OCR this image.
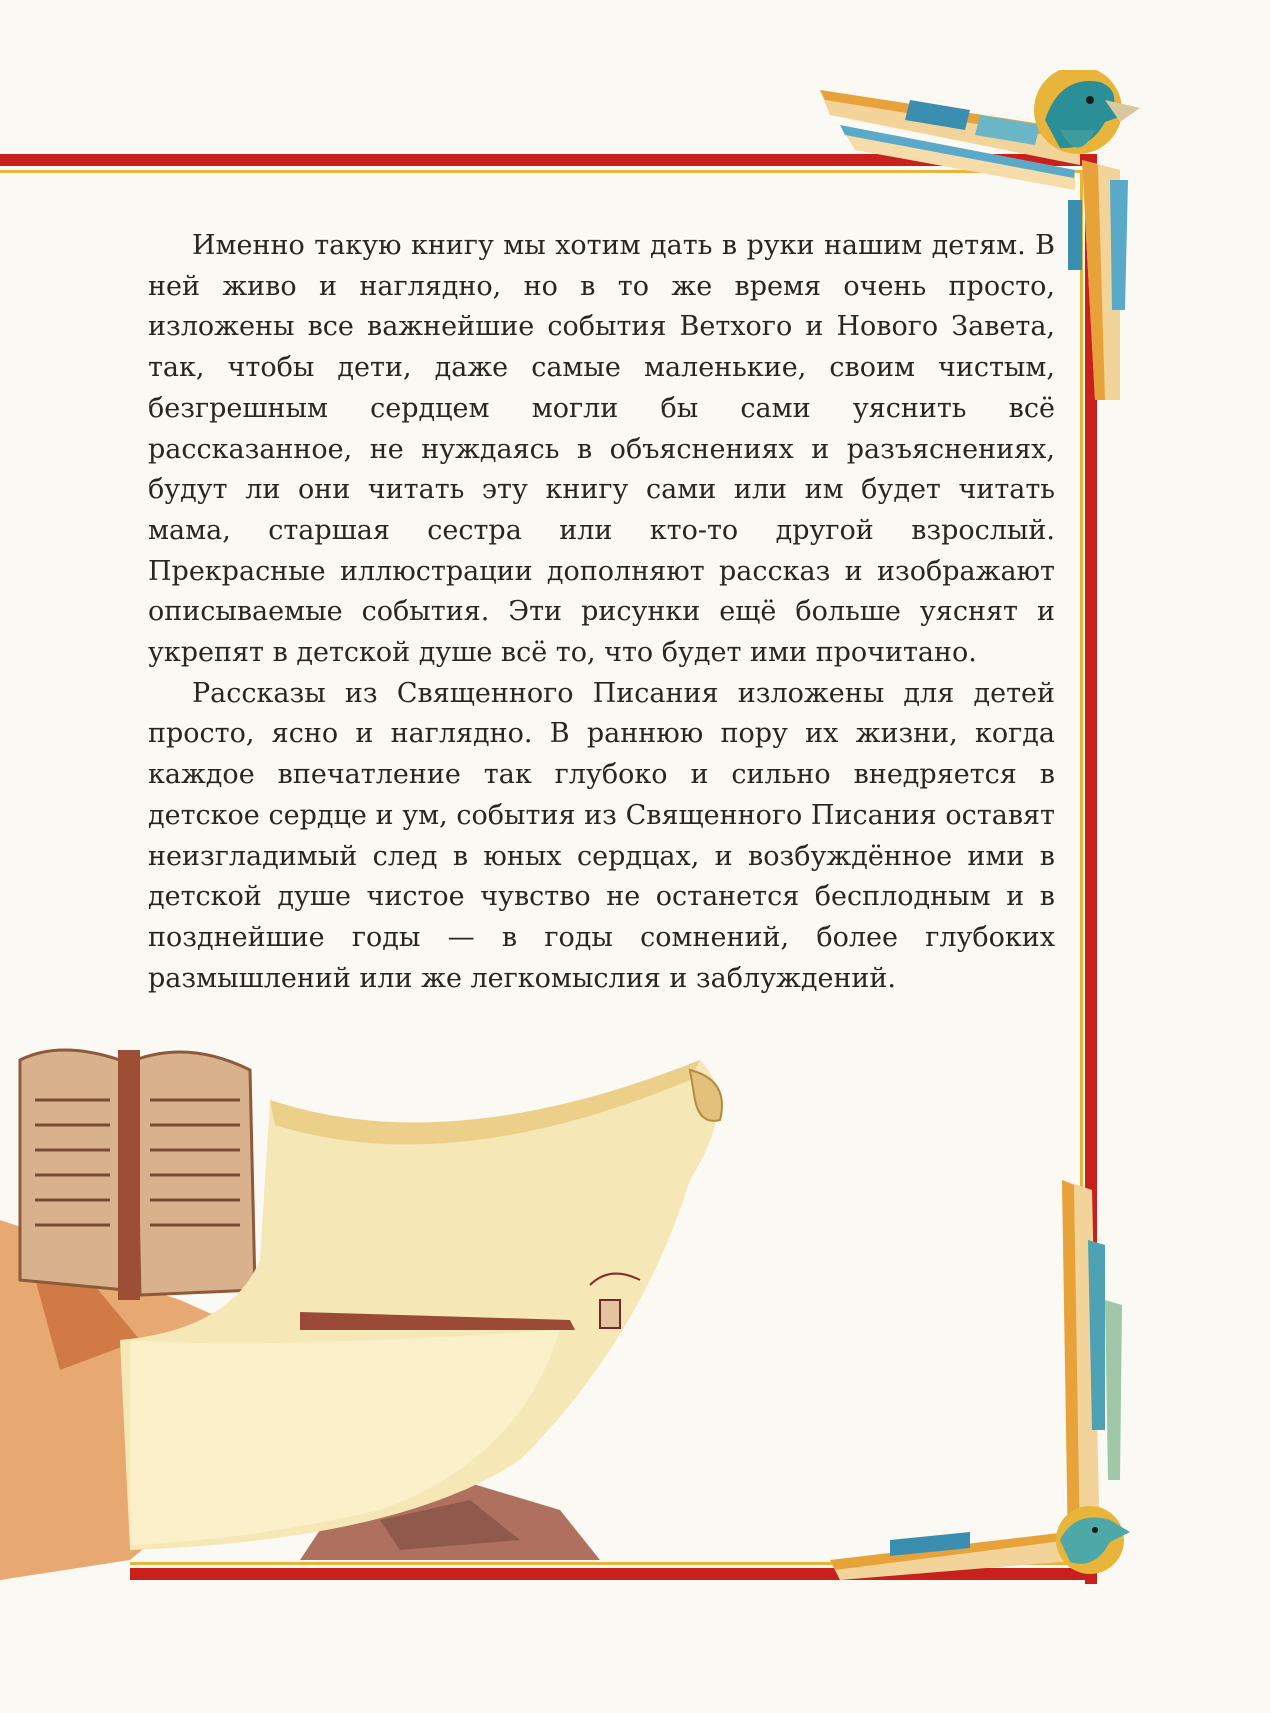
Именно такую книгу мы хотим дать в руки нашим детям. В ней живо и наглядно, но в то же время очень просто, изложены все важнейшие события Ветхого и Нового Завета, так, чтобы дети, даже самые маленькие, своим чистым, безгрешным сердцем могли бы сами уяснить всё рассказанное, не нуждаясь в объяснениях и разъяснениях, будут ли они читать эту книгу сами или им будет читать мама, старшая сестра или кто-то другой взрослый. Прекрасные иллюстрации дополняют рассказ и изображают описываемые события. Эти рисунки ещё больше уяснят и укрепят в детской душе всё то, что будет ими прочитано.

Рассказы из Священного Писания изложены для детей просто, ясно и наглядно. В раннюю пору их жизни, когда каждое впечатление так глубоко и сильно внедряется в детское сердце и ум, события из Священного Писания оставят неизгладимый след в юных сердцах, и возбуждённое ими в детской душе чистое чувство не останется бесплодным и в позднейшие годы — в годы сомнений, более глубоких размышлений или же легкомыслия и заблуждений.
